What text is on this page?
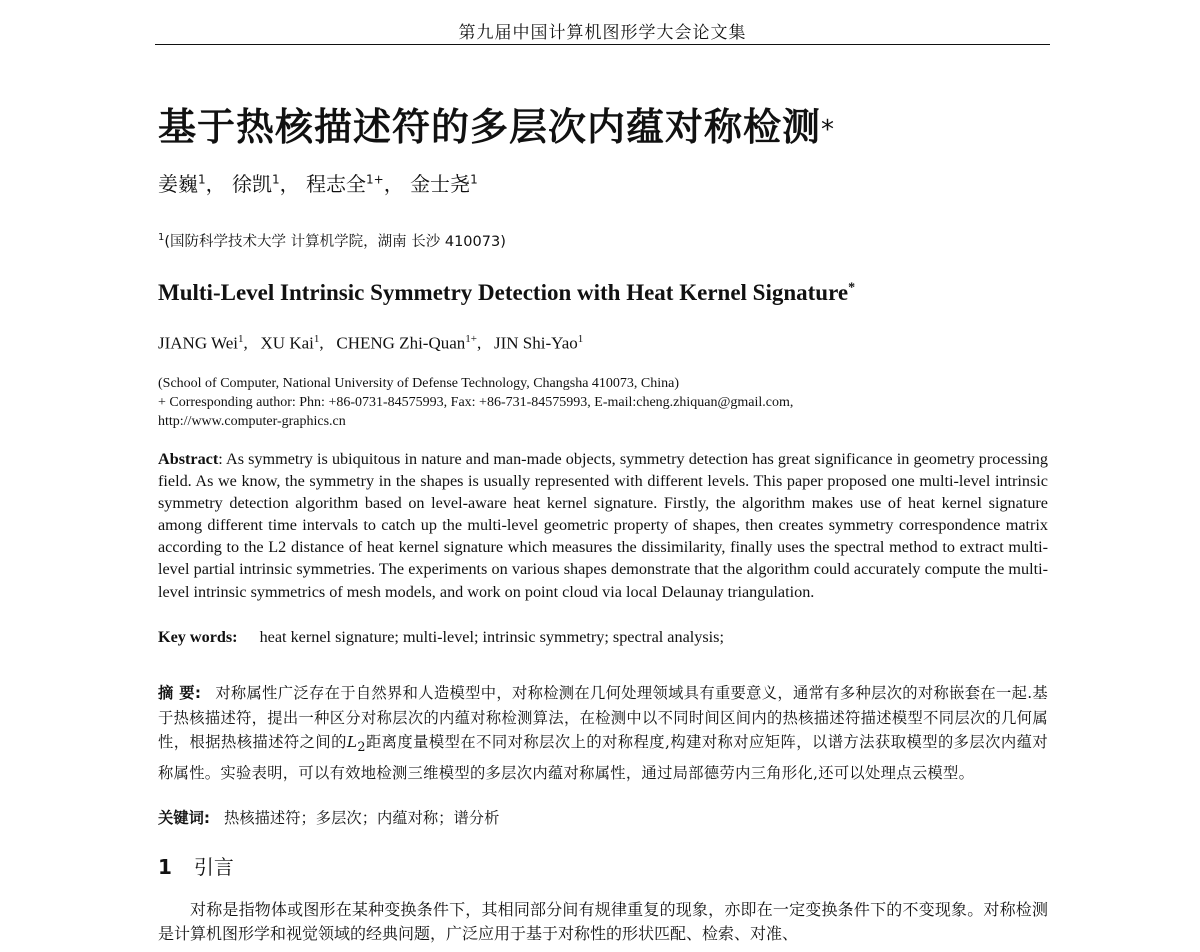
第九届中国计算机图形学大会论文集
基于热核描述符的多层次内蕴对称检测*
姜巍$^1$， 徐凯$^1$， 程志全$^{1+}$， 金士尧$^1$
$^1$(国防科学技术大学 计算机学院，湖南 长沙 410073)
Multi-Level Intrinsic Symmetry Detection with Heat Kernel Signature*
JIANG Wei$^1$, XU Kai$^1$, CHENG Zhi-Quan$^{1+}$, JIN Shi-Yao$^1$
(School of Computer, National University of Defense Technology, Changsha 410073, China)
+ Corresponding author: Phn: +86-0731-84575993, Fax: +86-731-84575993, E-mail:cheng.zhiquan@gmail.com,
http://www.computer-graphics.cn
Abstract: As symmetry is ubiquitous in nature and man-made objects, symmetry detection has great significance in geometry processing field. As we know, the symmetry in the shapes is usually represented with different levels. This paper proposed one multi-level intrinsic symmetry detection algorithm based on level-aware heat kernel signature. Firstly, the algorithm makes use of heat kernel signature among different time intervals to catch up the multi-level geometric property of shapes, then creates symmetry correspondence matrix according to the L2 distance of heat kernel signature which measures the dissimilarity, finally uses the spectral method to extract multi-level partial intrinsic symmetries. The experiments on various shapes demonstrate that the algorithm could accurately compute the multi-level intrinsic symmetrics of mesh models, and work on point cloud via local Delaunay triangulation.
Key words: heat kernel signature; multi-level; intrinsic symmetry; spectral analysis;
摘 要: 对称属性广泛存在于自然界和人造模型中，对称检测在几何处理领域具有重要意义，通常有多种层次的对称嵌套在一起.基于热核描述符，提出一种区分对称层次的内蕴对称检测算法，在检测中以不同时间区间内的热核描述符描述模型不同层次的几何属性，根据热核描述符之间的$L_2$距离度量模型在不同对称层次上的对称程度,构建对称对应矩阵，以谱方法获取模型的多层次内蕴对称属性。实验表明，可以有效地检测三维模型的多层次内蕴对称属性，通过局部德劳内三角形化,还可以处理点云模型。
关键词: 热核描述符；多层次；内蕴对称；谱分析
1 引言
对称是指物体或图形在某种变换条件下，其相同部分间有规律重复的现象，亦即在一定变换条件下的不变现象。对称检测是计算机图形学和视觉领域的经典问题，广泛应用于基于对称性的形状匹配、检索、对准、
